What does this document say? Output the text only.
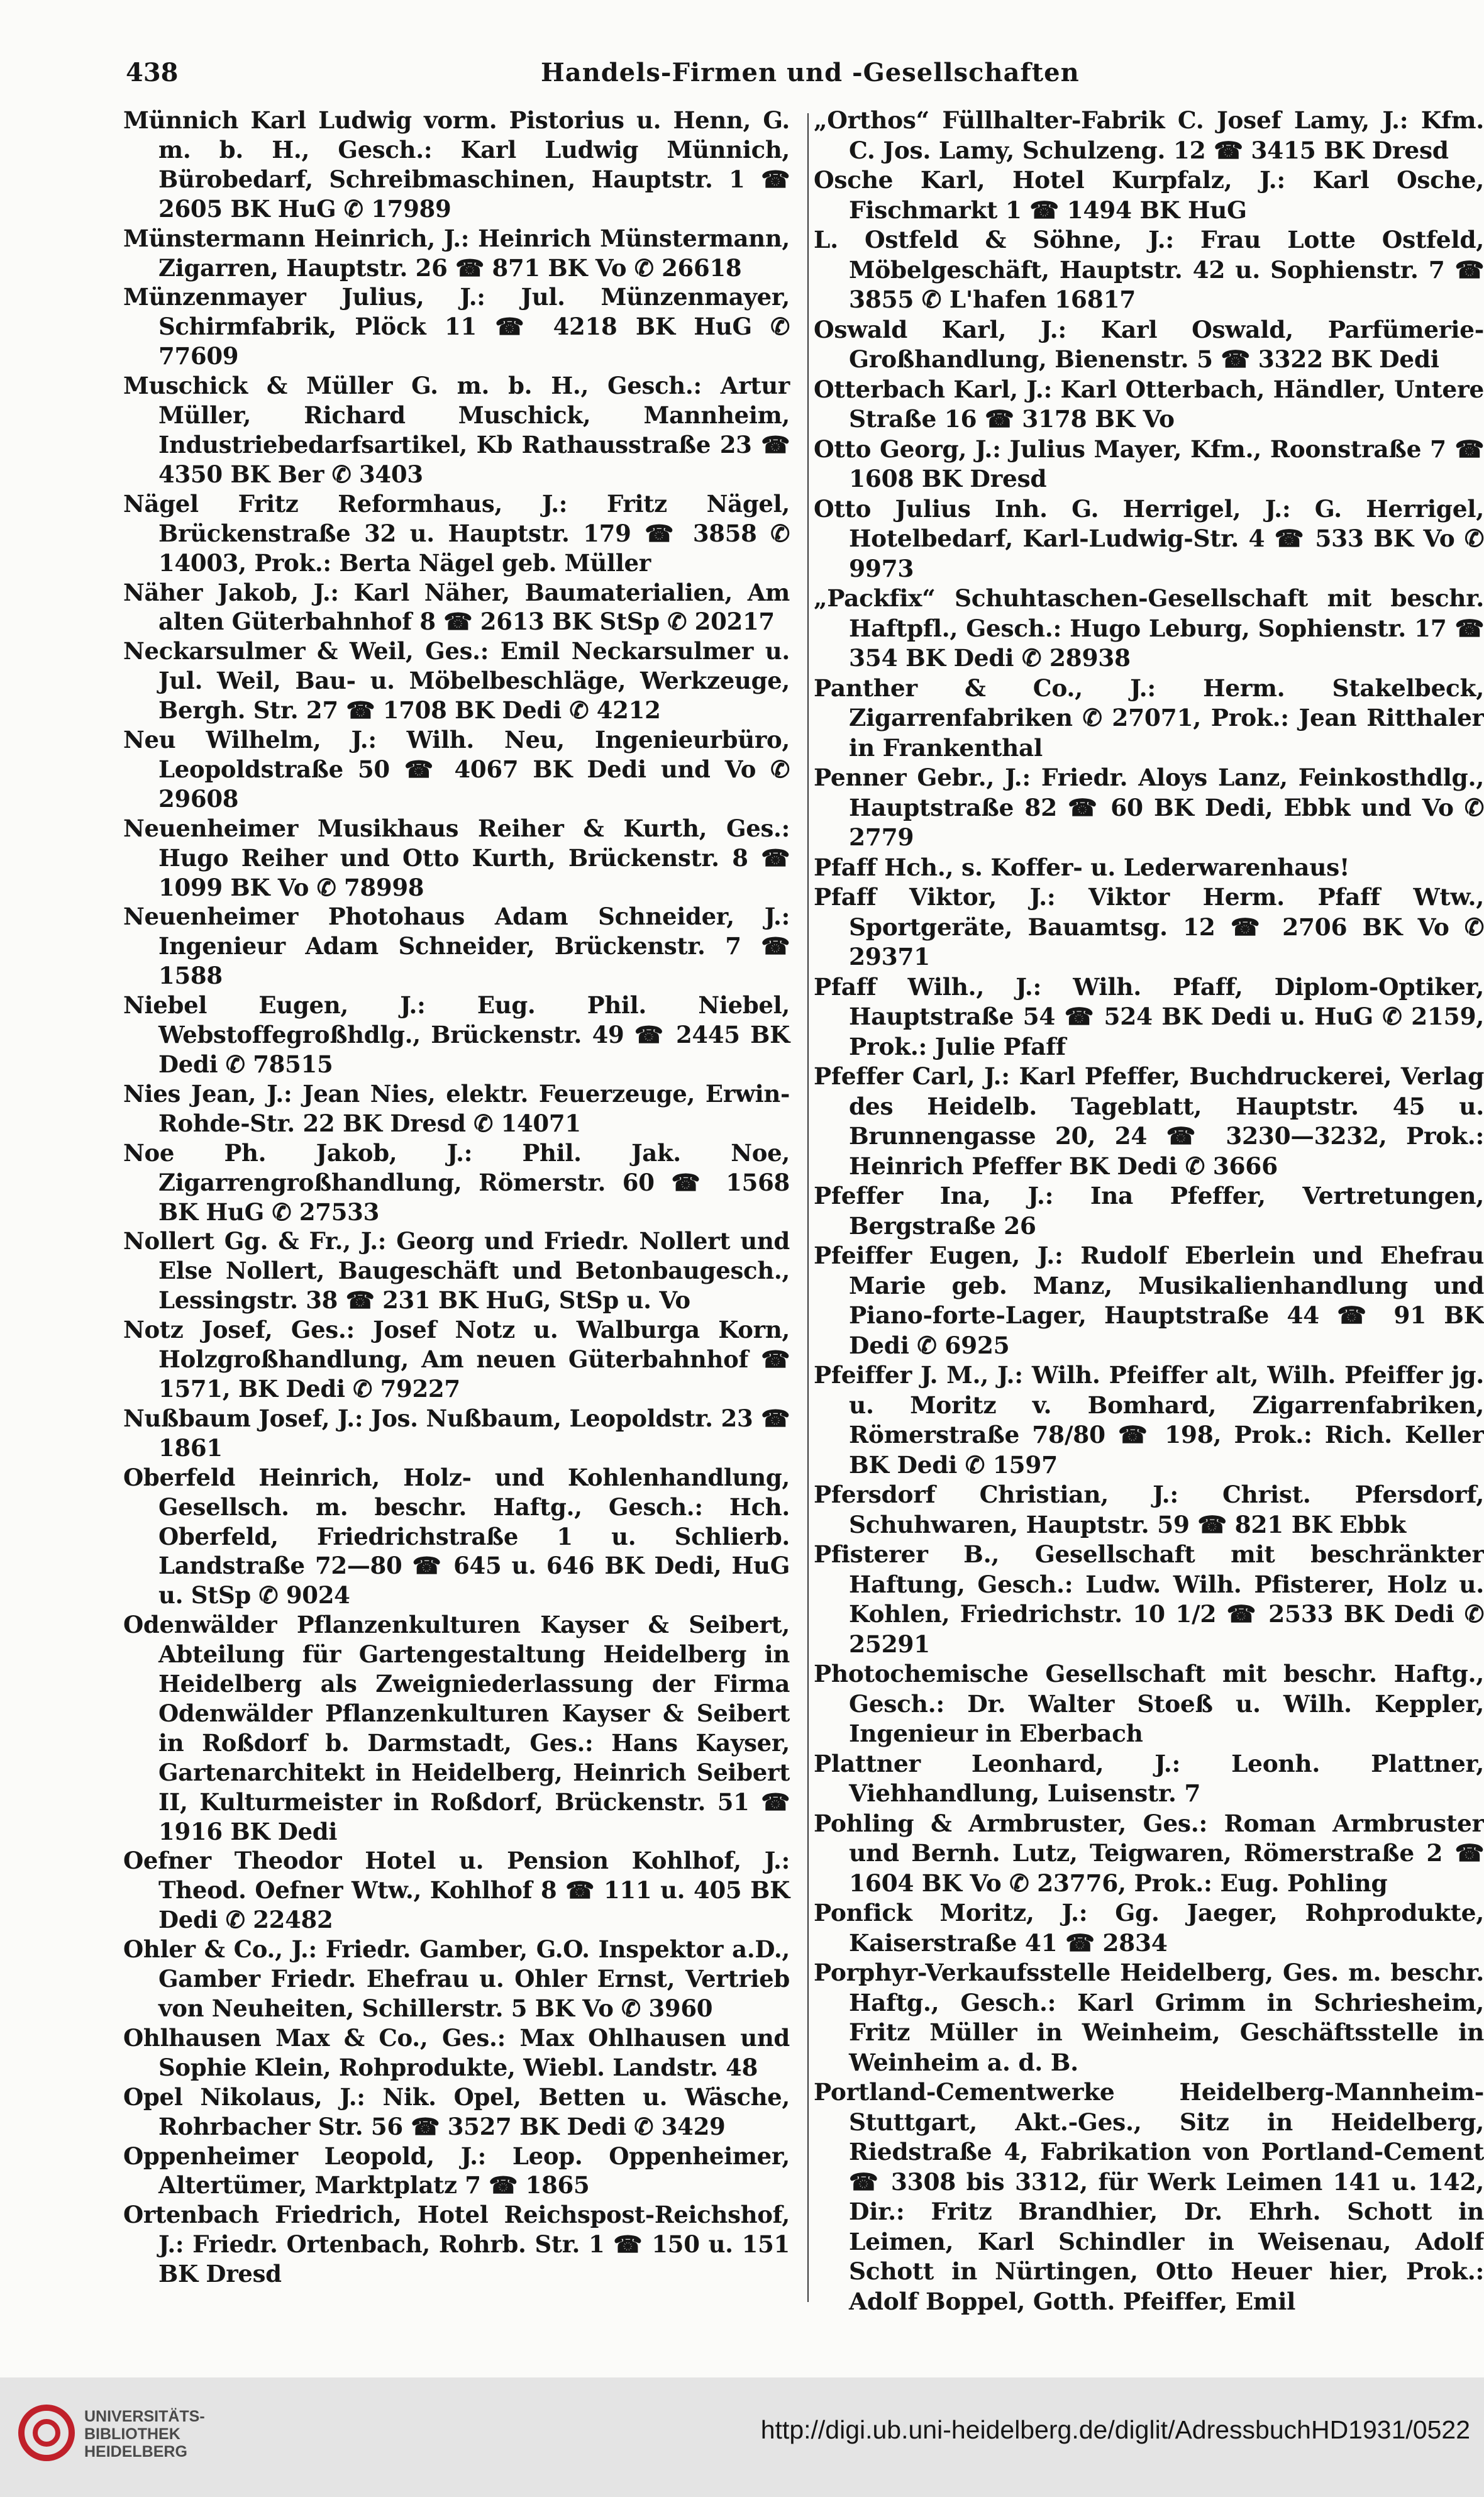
438	Handels-Firmen und -Gesellschaften

Münnich Karl Ludwig vorm. Pistorius u. Henn, G. m. b. H., Gesch.: Karl Ludwig Münnich, Bürobedarf, Schreibmaschinen, Hauptstr. 1 ☎ 2605 BK HuG ✆ 17989

Münstermann Heinrich, J.: Heinrich Münstermann, Zigarren, Hauptstr. 26 ☎ 871 BK Vo ✆ 26618

Münzenmayer Julius, J.: Jul. Münzenmayer, Schirmfabrik, Plöck 11 ☎ 4218 BK HuG ✆ 77609

Muschick & Müller G. m. b. H., Gesch.: Artur Müller, Richard Muschick, Mannheim, Industriebedarfsartikel, Kb Rathausstraße 23 ☎ 4350 BK Ber ✆ 3403

Nägel Fritz Reformhaus, J.: Fritz Nägel, Brückenstraße 32 u. Hauptstr. 179 ☎ 3858 ✆ 14003, Prok.: Berta Nägel geb. Müller

Näher Jakob, J.: Karl Näher, Baumaterialien, Am alten Güterbahnhof 8 ☎ 2613 BK StSp ✆ 20217

Neckarsulmer & Weil, Ges.: Emil Neckarsulmer u. Jul. Weil, Bau- u. Möbelbeschläge, Werkzeuge, Bergh. Str. 27 ☎ 1708 BK Dedi ✆ 4212

Neu Wilhelm, J.: Wilh. Neu, Ingenieurbüro, Leopoldstraße 50 ☎ 4067 BK Dedi und Vo ✆ 29608

Neuenheimer Musikhaus Reiher & Kurth, Ges.: Hugo Reiher und Otto Kurth, Brückenstr. 8 ☎ 1099 BK Vo ✆ 78998

Neuenheimer Photohaus Adam Schneider, J.: Ingenieur Adam Schneider, Brückenstr. 7 ☎ 1588

Niebel Eugen, J.: Eug. Phil. Niebel, Webstoffegroßhdlg., Brückenstr. 49 ☎ 2445 BK Dedi ✆ 78515

Nies Jean, J.: Jean Nies, elektr. Feuerzeuge, Erwin-Rohde-Str. 22 BK Dresd ✆ 14071

Noe Ph. Jakob, J.: Phil. Jak. Noe, Zigarrengroßhandlung, Römerstr. 60 ☎ 1568 BK HuG ✆ 27533

Nollert Gg. & Fr., J.: Georg und Friedr. Nollert und Else Nollert, Baugeschäft und Betonbaugesch., Lessingstr. 38 ☎ 231 BK HuG, StSp u. Vo

Notz Josef, Ges.: Josef Notz u. Walburga Korn, Holzgroßhandlung, Am neuen Güterbahnhof ☎ 1571, BK Dedi ✆ 79227

Nußbaum Josef, J.: Jos. Nußbaum, Leopoldstr. 23 ☎ 1861

Oberfeld Heinrich, Holz- und Kohlenhandlung, Gesellsch. m. beschr. Haftg., Gesch.: Hch. Oberfeld, Friedrichstraße 1 u. Schlierb. Landstraße 72—80 ☎ 645 u. 646 BK Dedi, HuG u. StSp ✆ 9024

Odenwälder Pflanzenkulturen Kayser & Seibert, Abteilung für Gartengestaltung Heidelberg in Heidelberg als Zweigniederlassung der Firma Odenwälder Pflanzenkulturen Kayser & Seibert in Roßdorf b. Darmstadt, Ges.: Hans Kayser, Gartenarchitekt in Heidelberg, Heinrich Seibert II, Kulturmeister in Roßdorf, Brückenstr. 51 ☎ 1916 BK Dedi

Oefner Theodor Hotel u. Pension Kohlhof, J.: Theod. Oefner Wtw., Kohlhof 8 ☎ 111 u. 405 BK Dedi ✆ 22482

Ohler & Co., J.: Friedr. Gamber, G.O. Inspektor a.D., Gamber Friedr. Ehefrau u. Ohler Ernst, Vertrieb von Neuheiten, Schillerstr. 5 BK Vo ✆ 3960

Ohlhausen Max & Co., Ges.: Max Ohlhausen und Sophie Klein, Rohprodukte, Wiebl. Landstr. 48

Opel Nikolaus, J.: Nik. Opel, Betten u. Wäsche, Rohrbacher Str. 56 ☎ 3527 BK Dedi ✆ 3429

Oppenheimer Leopold, J.: Leop. Oppenheimer, Altertümer, Marktplatz 7 ☎ 1865

Ortenbach Friedrich, Hotel Reichspost-Reichshof, J.: Friedr. Ortenbach, Rohrb. Str. 1 ☎ 150 u. 151 BK Dresd

„Orthos“ Füllhalter-Fabrik C. Josef Lamy, J.: Kfm. C. Jos. Lamy, Schulzeng. 12 ☎ 3415 BK Dresd

Osche Karl, Hotel Kurpfalz, J.: Karl Osche, Fischmarkt 1 ☎ 1494 BK HuG

L. Ostfeld & Söhne, J.: Frau Lotte Ostfeld, Möbelgeschäft, Hauptstr. 42 u. Sophienstr. 7 ☎ 3855 ✆ L'hafen 16817

Oswald Karl, J.: Karl Oswald, Parfümerie-Großhandlung, Bienenstr. 5 ☎ 3322 BK Dedi

Otterbach Karl, J.: Karl Otterbach, Händler, Untere Straße 16 ☎ 3178 BK Vo

Otto Georg, J.: Julius Mayer, Kfm., Roonstraße 7 ☎ 1608 BK Dresd

Otto Julius Inh. G. Herrigel, J.: G. Herrigel, Hotelbedarf, Karl-Ludwig-Str. 4 ☎ 533 BK Vo ✆ 9973

„Packfix“ Schuhtaschen-Gesellschaft mit beschr. Haftpfl., Gesch.: Hugo Leburg, Sophienstr. 17 ☎ 354 BK Dedi ✆ 28938

Panther & Co., J.: Herm. Stakelbeck, Zigarrenfabriken ✆ 27071, Prok.: Jean Ritthaler in Frankenthal

Penner Gebr., J.: Friedr. Aloys Lanz, Feinkosthdlg., Hauptstraße 82 ☎ 60 BK Dedi, Ebbk und Vo ✆ 2779

Pfaff Hch., s. Koffer- u. Lederwarenhaus!

Pfaff Viktor, J.: Viktor Herm. Pfaff Wtw., Sportgeräte, Bauamtsg. 12 ☎ 2706 BK Vo ✆ 29371

Pfaff Wilh., J.: Wilh. Pfaff, Diplom-Optiker, Hauptstraße 54 ☎ 524 BK Dedi u. HuG ✆ 2159, Prok.: Julie Pfaff

Pfeffer Carl, J.: Karl Pfeffer, Buchdruckerei, Verlag des Heidelb. Tageblatt, Hauptstr. 45 u. Brunnengasse 20, 24 ☎ 3230—3232, Prok.: Heinrich Pfeffer BK Dedi ✆ 3666

Pfeffer Ina, J.: Ina Pfeffer, Vertretungen, Bergstraße 26

Pfeiffer Eugen, J.: Rudolf Eberlein und Ehefrau Marie geb. Manz, Musikalienhandlung und Piano-forte-Lager, Hauptstraße 44 ☎ 91 BK Dedi ✆ 6925

Pfeiffer J. M., J.: Wilh. Pfeiffer alt, Wilh. Pfeiffer jg. u. Moritz v. Bomhard, Zigarrenfabriken, Römerstraße 78/80 ☎ 198, Prok.: Rich. Keller BK Dedi ✆ 1597

Pfersdorf Christian, J.: Christ. Pfersdorf, Schuhwaren, Hauptstr. 59 ☎ 821 BK Ebbk

Pfisterer B., Gesellschaft mit beschränkter Haftung, Gesch.: Ludw. Wilh. Pfisterer, Holz u. Kohlen, Friedrichstr. 10 1/2 ☎ 2533 BK Dedi ✆ 25291

Photochemische Gesellschaft mit beschr. Haftg., Gesch.: Dr. Walter Stoeß u. Wilh. Keppler, Ingenieur in Eberbach

Plattner Leonhard, J.: Leonh. Plattner, Viehhandlung, Luisenstr. 7

Pohling & Armbruster, Ges.: Roman Armbruster und Bernh. Lutz, Teigwaren, Römerstraße 2 ☎ 1604 BK Vo ✆ 23776, Prok.: Eug. Pohling

Ponfick Moritz, J.: Gg. Jaeger, Rohprodukte, Kaiserstraße 41 ☎ 2834

Porphyr-Verkaufsstelle Heidelberg, Ges. m. beschr. Haftg., Gesch.: Karl Grimm in Schriesheim, Fritz Müller in Weinheim, Geschäftsstelle in Weinheim a. d. B.

Portland-Cementwerke Heidelberg-Mannheim-Stuttgart, Akt.-Ges., Sitz in Heidelberg, Riedstraße 4, Fabrikation von Portland-Cement ☎ 3308 bis 3312, für Werk Leimen 141 u. 142, Dir.: Fritz Brandhier, Dr. Ehrh. Schott in Leimen, Karl Schindler in Weisenau, Adolf Schott in Nürtingen, Otto Heuer hier, Prok.: Adolf Boppel, Gotth. Pfeiffer, Emil

UNIVERSITÄTS-
BIBLIOTHEK
HEIDELBERG
http://digi.ub.uni-heidelberg.de/diglit/AdressbuchHD1931/0522
